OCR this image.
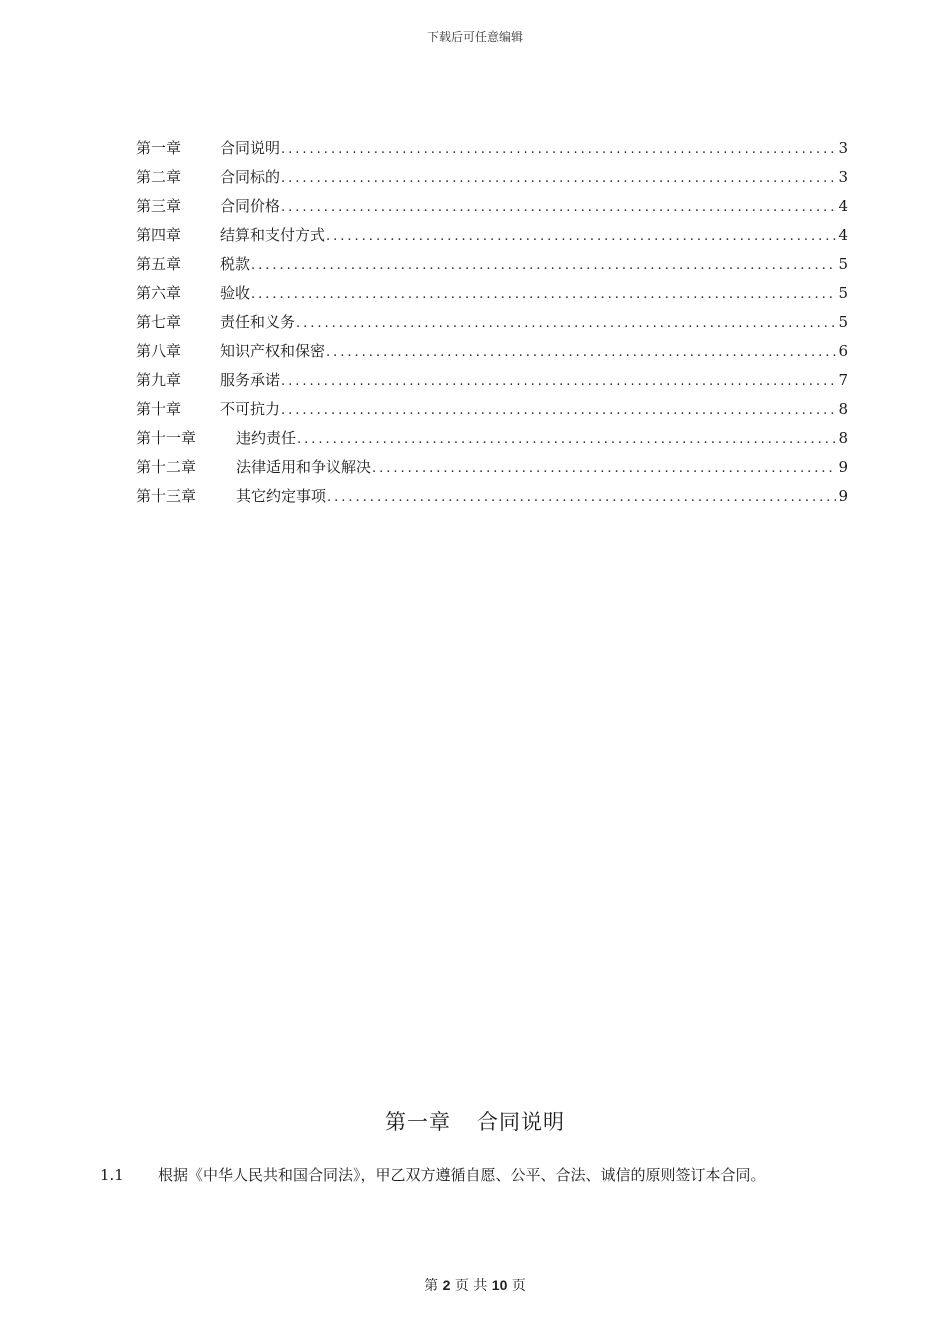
下载后可任意编辑
第一章	合同说明 .....	3
第二章	合同标的 .....	3
第三章	合同价格 .....	4
第四章	结算和支付方式 .....	4
第五章	税款 .....	5
第六章	验收 .....	5
第七章	责任和义务 .....	5
第八章	知识产权和保密 .....	6
第九章	服务承诺 .....	7
第十章	不可抗力 .....	8
第十一章	违约责任 .....	8
第十二章	法律适用和争议解决 .....	9
第十三章	其它约定事项 .....	9
第一章 合同说明

1.1 根据《中华人民共和国合同法》，甲乙双方遵循自愿、公平、合法、诚信的原则签订本合同。

第 2 页 共 10 页
